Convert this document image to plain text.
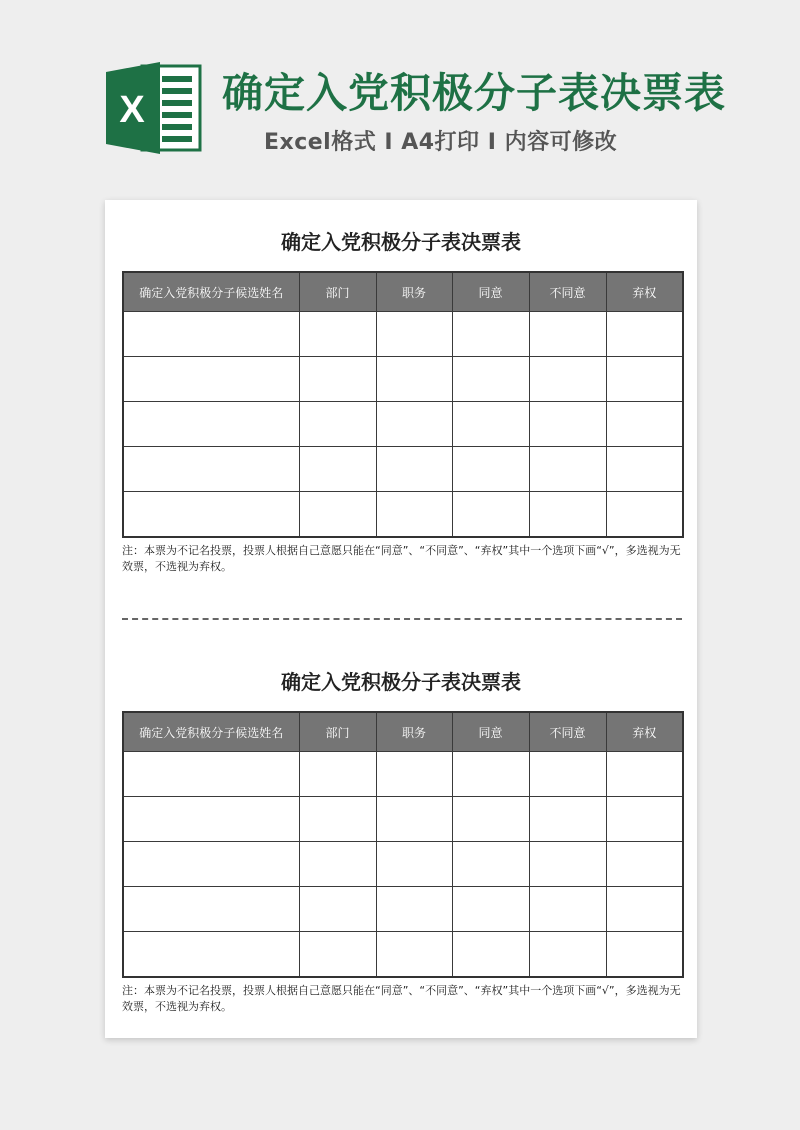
X 确定入党积极分子表决票表
Excel格式 I A4打印 I 内容可修改
确定入党积极分子表决票表
确定入党积极分子候选姓名	部门	职务	同意	不同意	弃权

注：本票为不记名投票，投票人根据自己意愿只能在“同意”、“不同意”、“弃权”其中一个选项下画“√”，多选视为无效票，不选视为弃权。
确定入党积极分子表决票表
确定入党积极分子候选姓名	部门	职务	同意	不同意	弃权

注：本票为不记名投票，投票人根据自己意愿只能在“同意”、“不同意”、“弃权”其中一个选项下画“√”，多选视为无效票，不选视为弃权。
